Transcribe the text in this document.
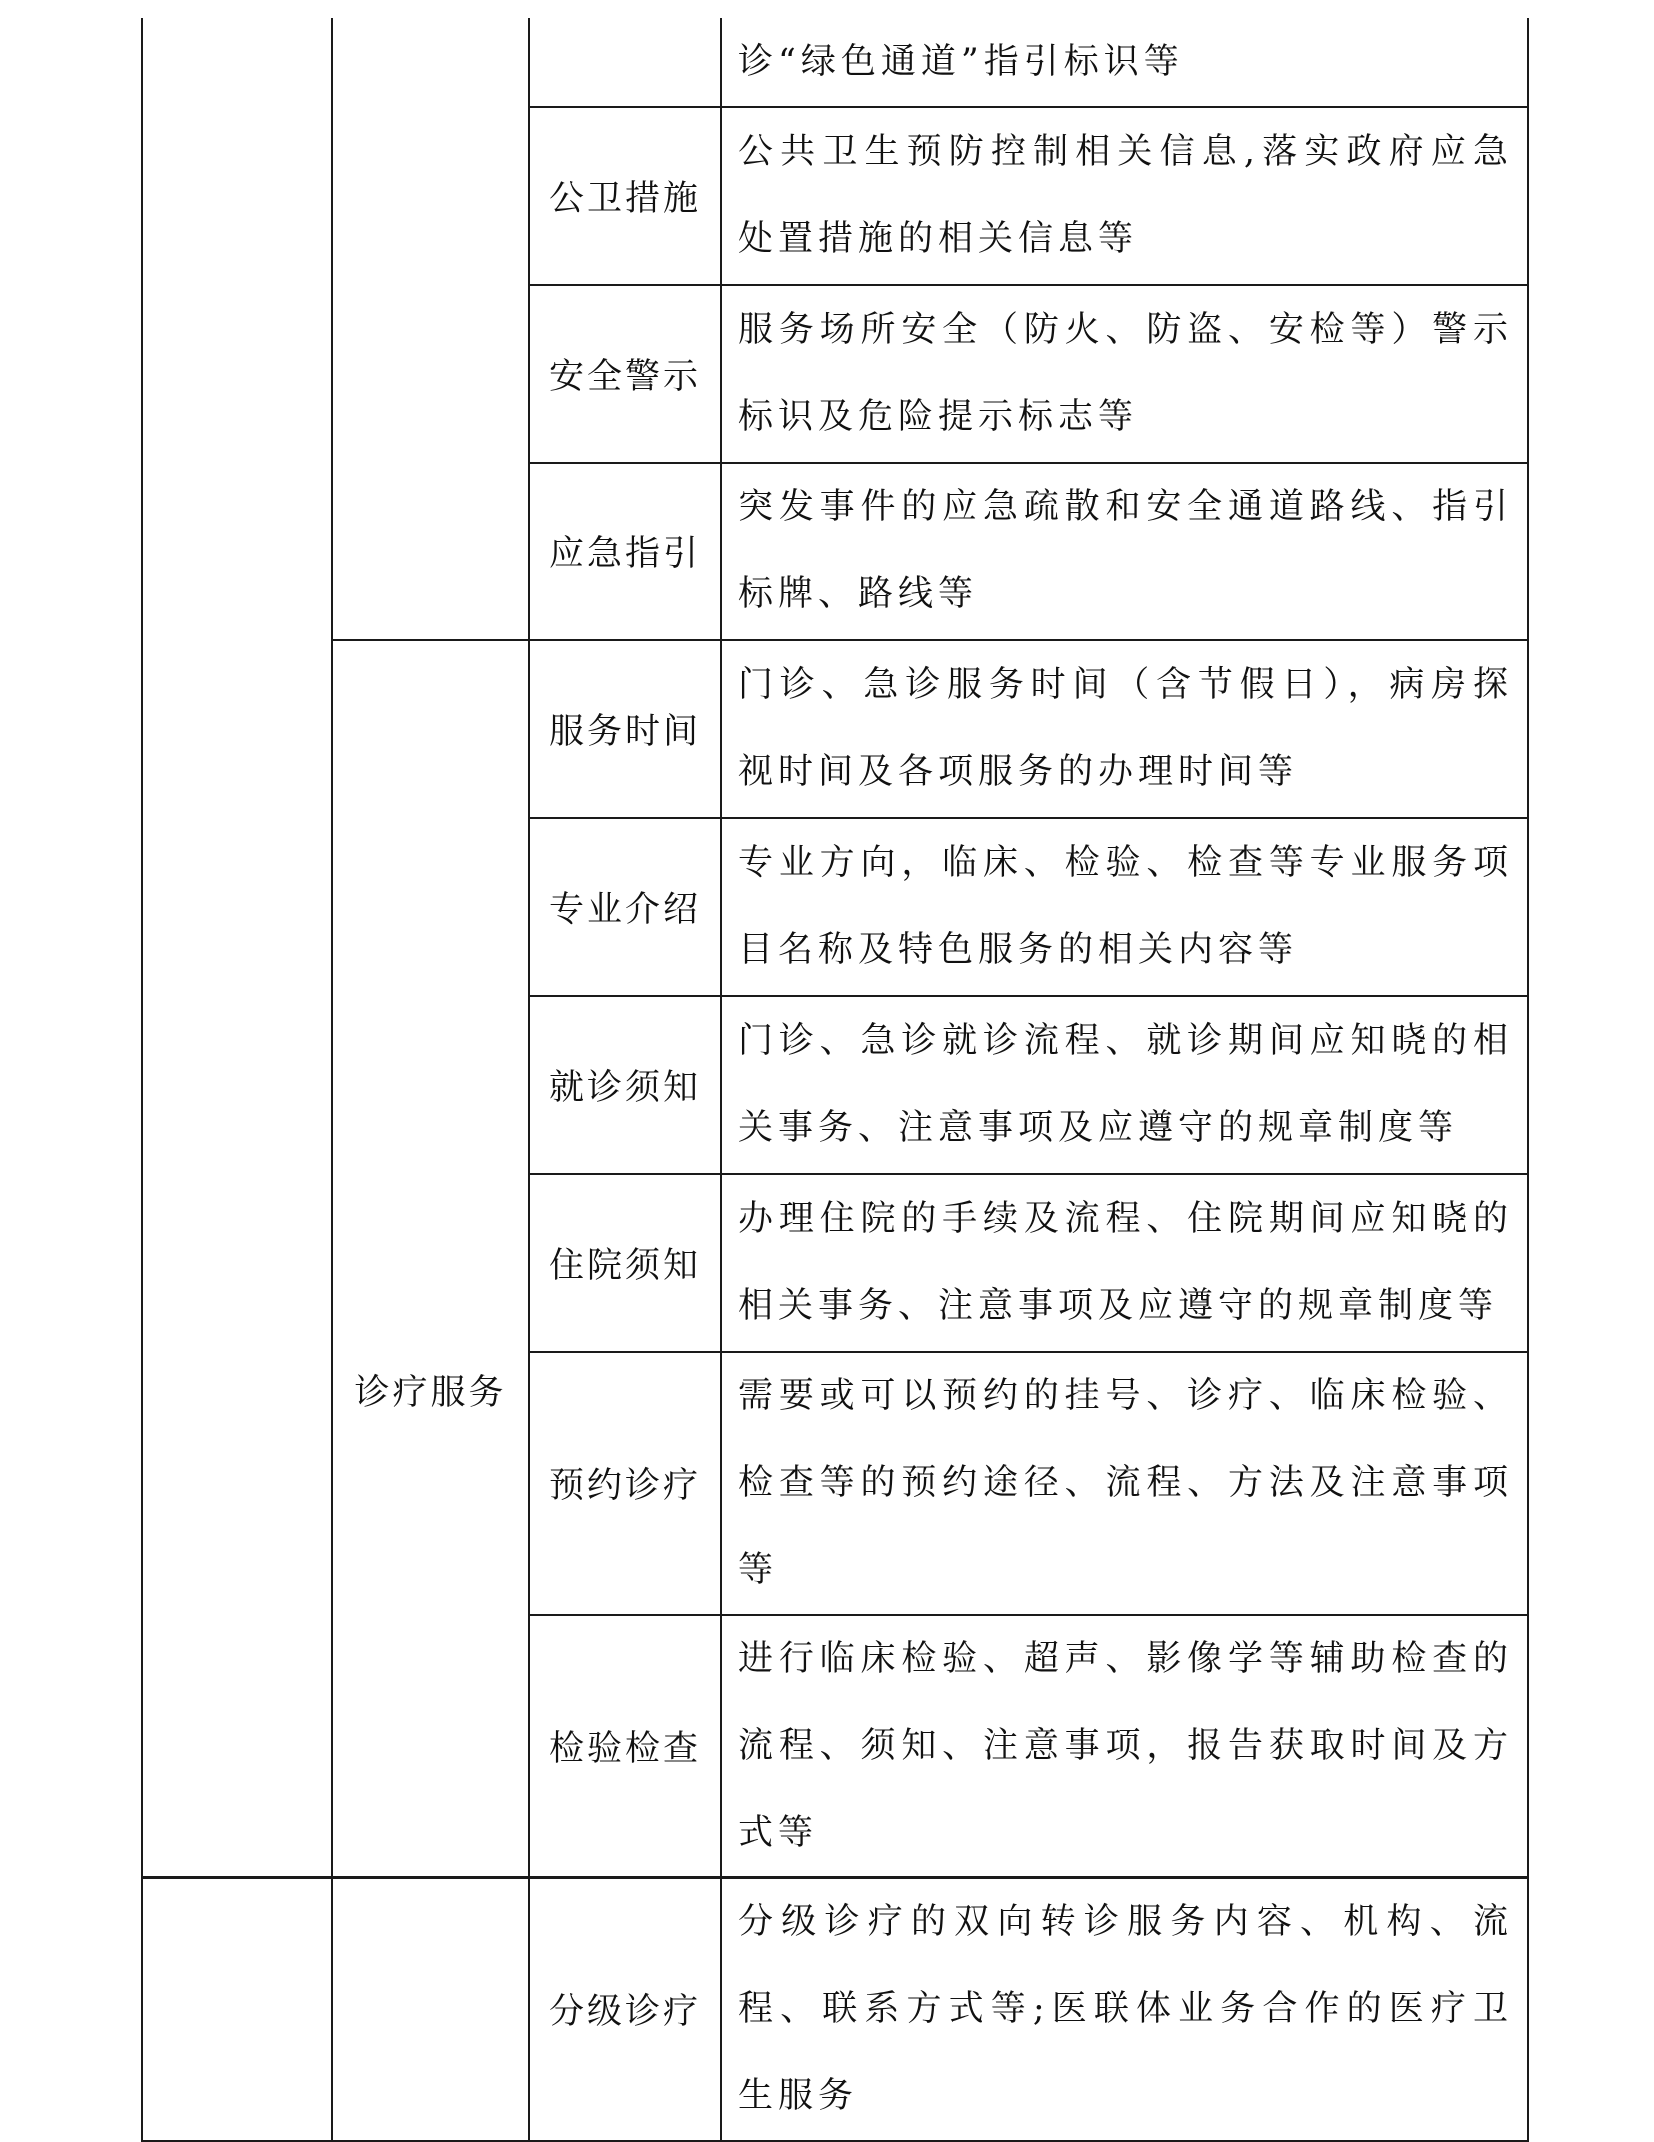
			诊“绿色通道”指引标识等
		公卫措施	公共卫生预防控制相关信息,落实政府应急处置措施的相关信息等
		安全警示	服务场所安全（防火、防盗、安检等）警示标识及危险提示标志等
		应急指引	突发事件的应急疏散和安全通道路线、指引标牌、路线等
	诊疗服务	服务时间	门诊、急诊服务时间（含节假日），病房探视时间及各项服务的办理时间等
		专业介绍	专业方向，临床、检验、检查等专业服务项目名称及特色服务的相关内容等
		就诊须知	门诊、急诊就诊流程、就诊期间应知晓的相关事务、注意事项及应遵守的规章制度等
		住院须知	办理住院的手续及流程、住院期间应知晓的相关事务、注意事项及应遵守的规章制度等
		预约诊疗	需要或可以预约的挂号、诊疗、临床检验、检查等的预约途径、流程、方法及注意事项等
		检验检查	进行临床检验、超声、影像学等辅助检查的流程、须知、注意事项，报告获取时间及方式等
		分级诊疗	分级诊疗的双向转诊服务内容、机构、流程、联系方式等;医联体业务合作的医疗卫生服务
